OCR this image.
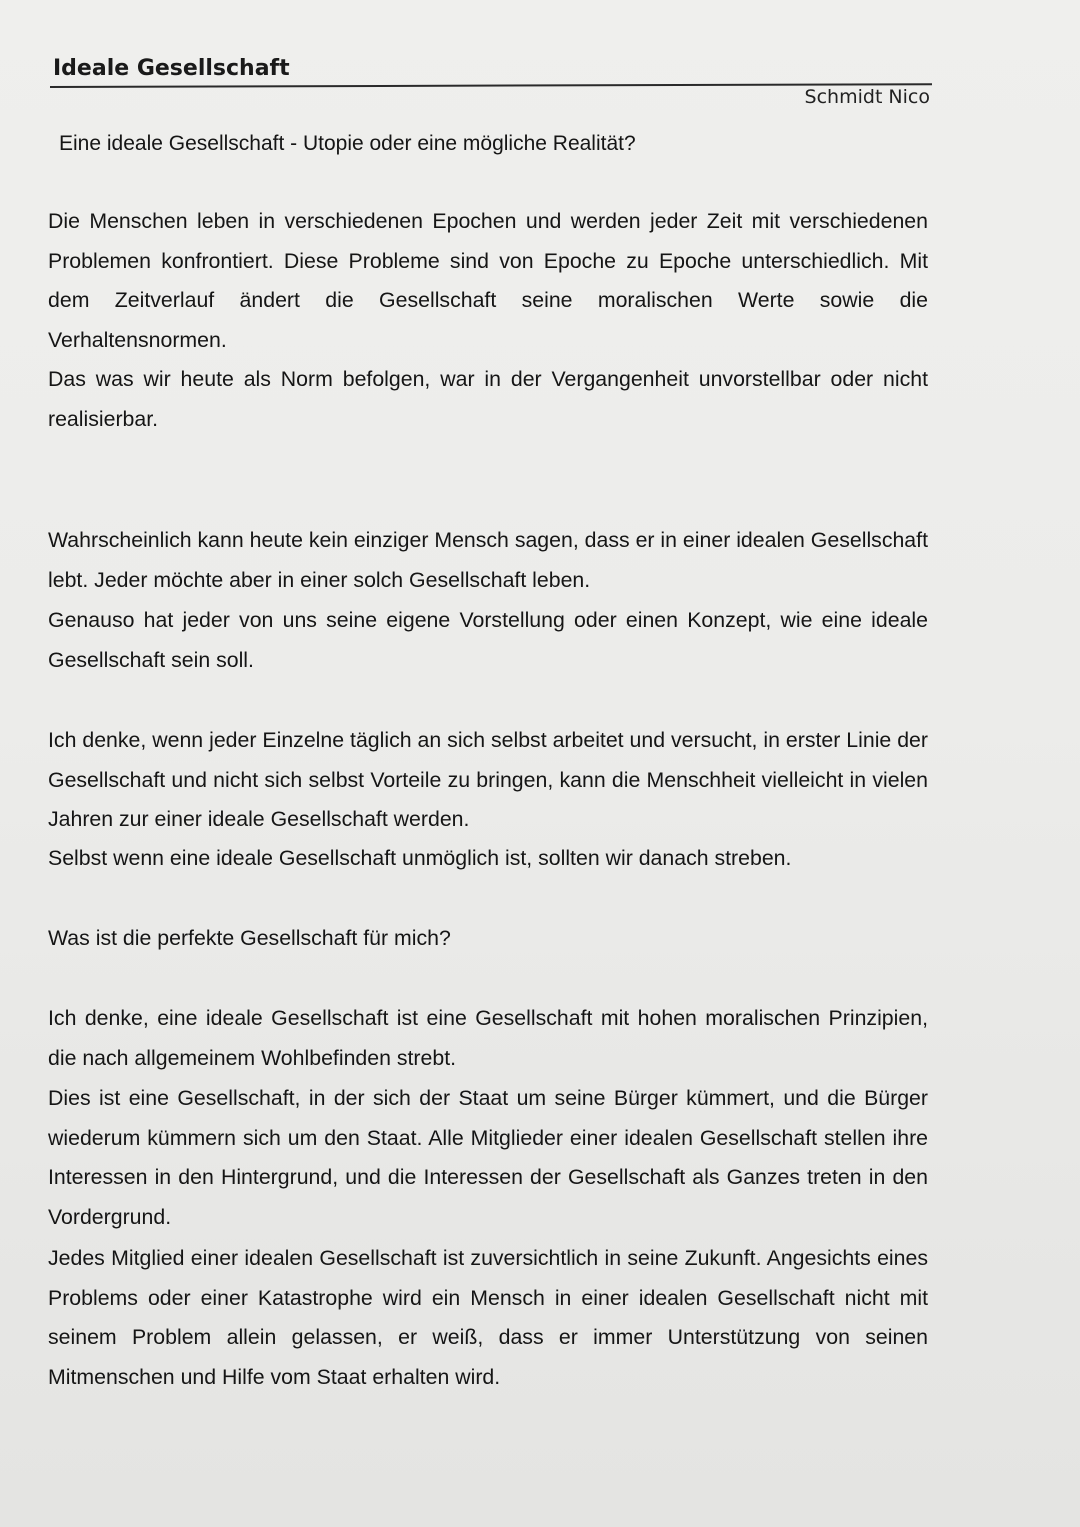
Ideale Gesellschaft
Schmidt Nico

Eine ideale Gesellschaft - Utopie oder eine mögliche Realität?

Die Menschen leben in verschiedenen Epochen und werden jeder Zeit mit verschiedenen Problemen konfrontiert. Diese Probleme sind von Epoche zu Epoche unterschiedlich. Mit dem Zeitverlauf ändert die Gesellschaft seine moralischen Werte sowie die Verhaltensnormen.

Das was wir heute als Norm befolgen, war in der Vergangenheit unvorstellbar oder nicht realisierbar.

Wahrscheinlich kann heute kein einziger Mensch sagen, dass er in einer idealen Gesellschaft lebt. Jeder möchte aber in einer solch Gesellschaft leben.

Genauso hat jeder von uns seine eigene Vorstellung oder einen Konzept, wie eine ideale Gesellschaft sein soll.

Ich denke, wenn jeder Einzelne täglich an sich selbst arbeitet und versucht, in erster Linie der Gesellschaft und nicht sich selbst Vorteile zu bringen, kann die Menschheit vielleicht in vielen Jahren zur einer ideale Gesellschaft werden.

Selbst wenn eine ideale Gesellschaft unmöglich ist, sollten wir danach streben.

Was ist die perfekte Gesellschaft für mich?

Ich denke, eine ideale Gesellschaft ist eine Gesellschaft mit hohen moralischen Prinzipien, die nach allgemeinem Wohlbefinden strebt.

Dies ist eine Gesellschaft, in der sich der Staat um seine Bürger kümmert, und die Bürger wiederum kümmern sich um den Staat. Alle Mitglieder einer idealen Gesellschaft stellen ihre Interessen in den Hintergrund, und die Interessen der Gesellschaft als Ganzes treten in den Vordergrund.

Jedes Mitglied einer idealen Gesellschaft ist zuversichtlich in seine Zukunft. Angesichts eines Problems oder einer Katastrophe wird ein Mensch in einer idealen Gesellschaft nicht mit seinem Problem allein gelassen, er weiß, dass er immer Unterstützung von seinen Mitmenschen und Hilfe vom Staat erhalten wird.
